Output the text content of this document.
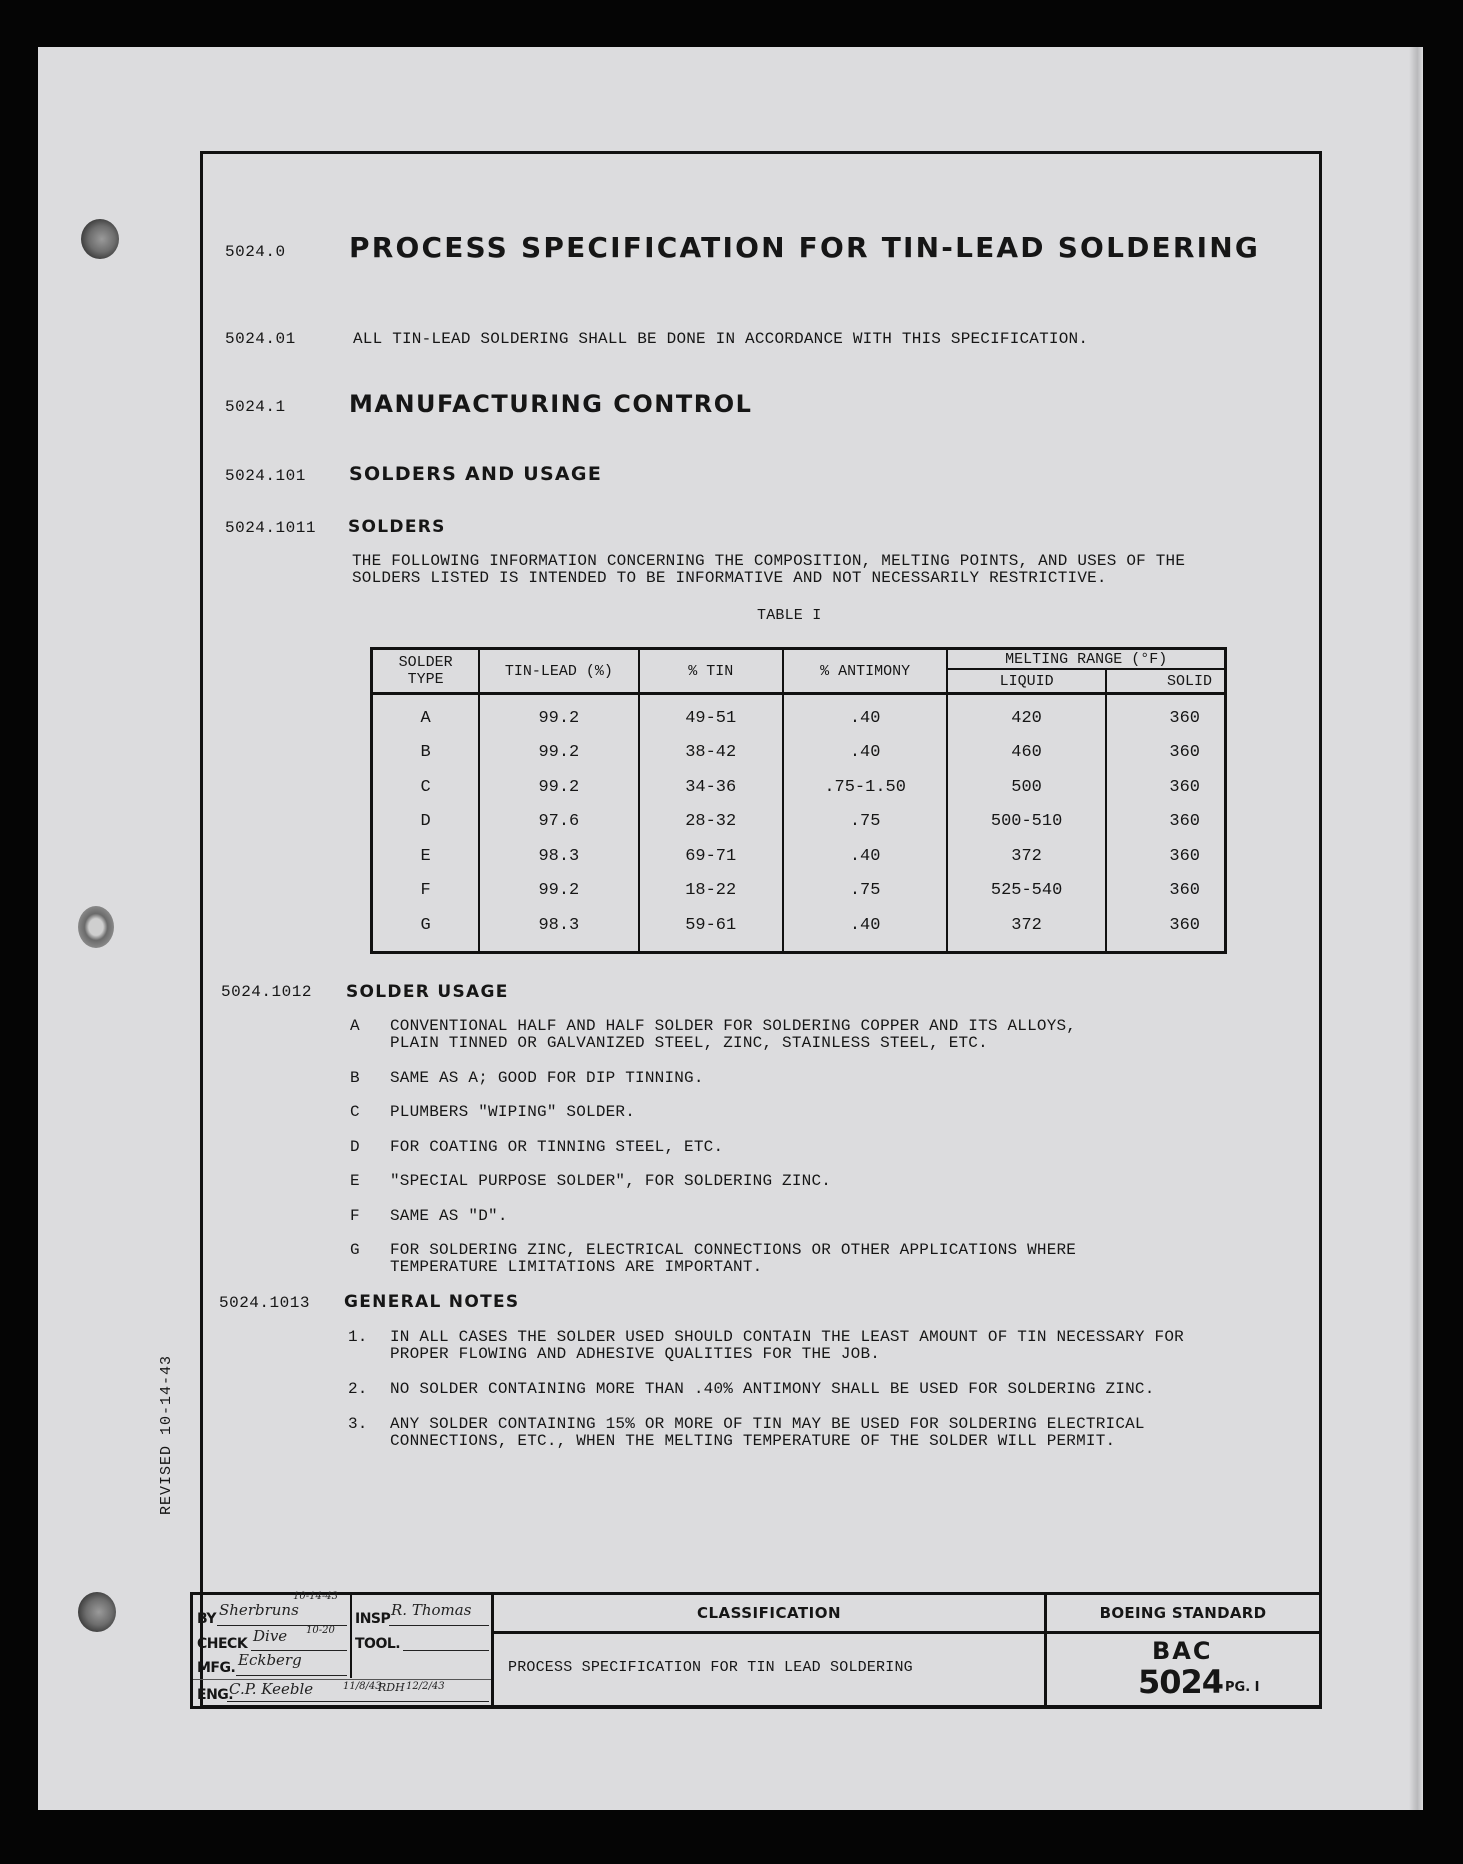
5024.0 PROCESS SPECIFICATION FOR TIN-LEAD SOLDERING
5024.01	ALL TIN-LEAD SOLDERING SHALL BE DONE IN ACCORDANCE WITH THIS SPECIFICATION.
5024.1	MANUFACTURING CONTROL
5024.101 SOLDERS AND USAGE
5024.1011 SOLDERS
THE FOLLOWING INFORMATION CONCERNING THE COMPOSITION, MELTING POINTS, AND USES OF THE
SOLDERS LISTED IS INTENDED TO BE INFORMATIVE AND NOT NECESSARILY RESTRICTIVE.
TABLE I
SOLDER
TYPE	TIN-LEAD (%)	% TIN	% ANTIMONY	MELTING RANGE (°F)	
				LIQUID	SOLID
A	99.2	49-51	.40	420	360
B	99.2	38-42	.40	460	360
C	99.2	34-36	.75-1.50	500	360
D	97.6	28-32	.75	500-510	360
E	98.3	69-71	.40	372	360
F	99.2	18-22	.75	525-540	360
G	98.3	59-61	.40	372	360
5024.1012 SOLDER USAGE
A CONVENTIONAL HALF AND HALF SOLDER FOR SOLDERING COPPER AND ITS ALLOYS,
PLAIN TINNED OR GALVANIZED STEEL, ZINC, STAINLESS STEEL, ETC.
B SAME AS A; GOOD FOR DIP TINNING.
C PLUMBERS "WIPING" SOLDER.
D FOR COATING OR TINNING STEEL, ETC.
E "SPECIAL PURPOSE SOLDER", FOR SOLDERING ZINC.
F SAME AS "D".
G FOR SOLDERING ZINC, ELECTRICAL CONNECTIONS OR OTHER APPLICATIONS WHERE
TEMPERATURE LIMITATIONS ARE IMPORTANT.
5024.1013 GENERAL NOTES
1. IN ALL CASES THE SOLDER USED SHOULD CONTAIN THE LEAST AMOUNT OF TIN NECESSARY FOR
PROPER FLOWING AND ADHESIVE QUALITIES FOR THE JOB.
2. NO SOLDER CONTAINING MORE THAN .40% ANTIMONY SHALL BE USED FOR SOLDERING ZINC.
3. ANY SOLDER CONTAINING 15% OR MORE OF TIN MAY BE USED FOR SOLDERING ELECTRICAL
CONNECTIONS, ETC., WHEN THE MELTING TEMPERATURE OF THE SOLDER WILL PERMIT.
REVISED 10-14-43
BY Sherbruns
10-14-43
CHECK Dive 10-20
MFG. Eckberg
ENG.
C.P. Keeble	11/8/43
RDH 12/2/43
INSP R. Thomas
TOOL.
CLASSIFICATION
PROCESS SPECIFICATION FOR TIN LEAD SOLDERING
BOEING STANDARD
BAC
5024 PG. I
